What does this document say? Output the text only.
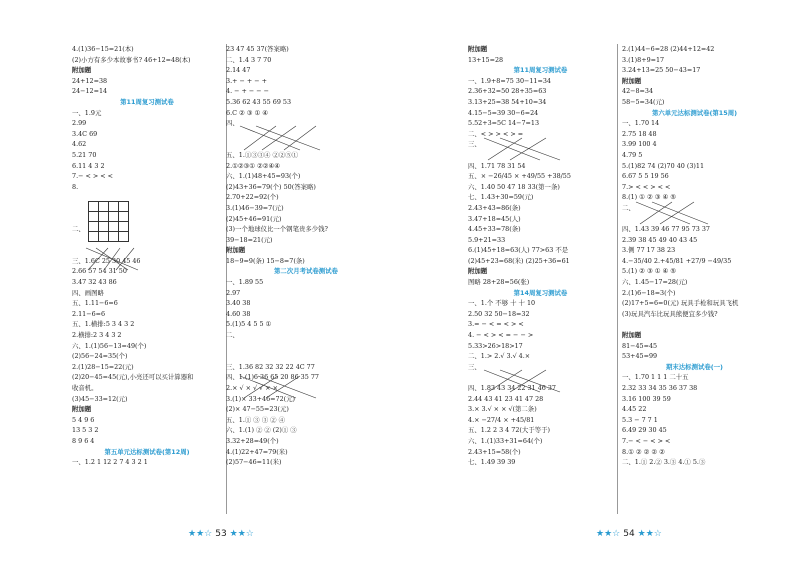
4.(1)36−15=21(本)
(2)小方有多少本故事书? 46+12=48(本)
附加题
24+12=38
24−12=14
第11周复习测试卷
一、1.9元
2.99
3.4C 69
4.62
5.21 70
6.11 4 3 2
7.− < > < <
8.
二、
三、1.6C 25 30 45 46
2.66 57 54 31 50
3.47 32 43 86
四、画图略
五、1.11−6=6
2.11−6=6
五、1.横排:5 3 4 3 2
2.横排:2 3 4 3 2
六、1.(1)56−13=49(个)
(2)56−24=35(个)
2.(1)28−15=22(元)
(2)20−45=45(元),小亮还可以买计算器和
收音机。
(3)45−33=12(元)
附加题
5 4 9 6
13 5 3 2
8 9 6 4
第五单元达标测试卷(第12周)
一、1.2 1 12 2 7 4 3 2 1
23 47 45 37(答案略)
二、1.4 3 7 70
2.14 47
3.+ − + − +
4. − + − − −
5.36 62 43 55 69 53
6.C ② ③ ① ④
四、
五、1.①③③④ ②②⑤①
2.①②③① ②②④④
六、1.(1)48+45=93(个)
(2)43+36=79(个) 50(答案略)
2.70+22=92(个)
3.(1)46−39=7(元)
(2)45+46=91(元)
(3)一个地球仪比一个钢笔贵多少钱?
39−18=21(元)
附加题
18−9=9(条) 15−8=7(条)
第二次月考试卷测试卷
一、1.89 55
2.97
3.40 38
4.60 38
5.(1)5 4 5 5 ①
二、
三、1.36 82 32 32 22 4C 77
四、1.(1)6 36 65 20 86 35 77
2.× √ × √ √ × ×
3.(1)× 33+46=72(元)
(2)× 47−55=23(元)
五、1.① ③ ③ ② ④
六、1.(1) ② ② (2)① ③
3.32+28=49(个)
4.(1)22+47=79(米)
(2)57−46=11(米)
附加题
13+15=28
第11周复习测试卷
一、1.9+8=75 30−11=34
2.36+32=50 28+35=63
3.13+25=38 54+10=34
4.15−5=39 30−6=24
5.52+3=5C 14−7=13
二、< > > < > =
三、
四、1.71 78 31 54
五、× −26/45 × +49/55 +38/55
六、1.40 50 47 18 33(第一条)
七、1.43+30=59(元)
2.43+43=86(条)
3.47+18=45(人)
4.45+33=78(条)
5.9+21=33
6.(1)45+18=63(人) 77>63 不是
(2)45+23=68(米) (2)25+36=61
附加题
图略 28+28=56(张)
第14周复习测试卷
一、1.个 不够 十 十 10
2.50 32 50−18=32
3.= − < = < > <
4. − < > < = − − >
5.33>26>18>17
二、1.> 2.√ 3.√ 4.×
三、
四、1.83 43 34 22 31 46 37
2.44 43 41 23 41 47 28
3.× 3.√ × × √(第二条)
4.× −27/4 × +45/81
五、1.2 2 3 4 72(大于等于)
六、1.(1)33+31=64(个)
2.43+15=58(个)
七、1.49 39 39
2.(1)44−6=28 (2)44+12=42
3.(1)8+9=17
3.24+13=25 50−43=17
附加题
42−8=34
58−5=34(元)
第六单元达标测试卷(第15周)
一、1.70 14
2.75 18 48
3.99 100 4
4.79 5
5.(1)82 74 (2)70 40 (3)11
6.67 5 5 19 56
7.> < < > < <
8.(1) ① ② ③ ④ ⑤
二、
四、1.43 39 46 77 95 73 37
2.39 38 45 49 40 43 45
3.侧 77 17 38 23
4.−35/40 2.+45/81 +27/9 −49/35
5.(1) ② ③ ① ④ ⑤
六、1.45−17=28(元)
2.(1)6−18=3(个)
(2)17+5=6=0(元) 玩具手枪和玩具飞机
(3)玩具汽车比玩具熊便宜多少钱?
附加题
81−45=45
53+45=99
期末达标测试卷(一)
一、1.70 1 1 1 二十五
2.32 33 34 35 36 37 38
3.16 100 39 59
4.45 22
5.3 − 7 7 1
6.49 29 30 45
7.− < − < > <
8.① ② ② ② ②
二、1.① 2.② 3.③ 4.① 5.③

★★☆ 53 ★★☆	★★☆ 54 ★★☆
